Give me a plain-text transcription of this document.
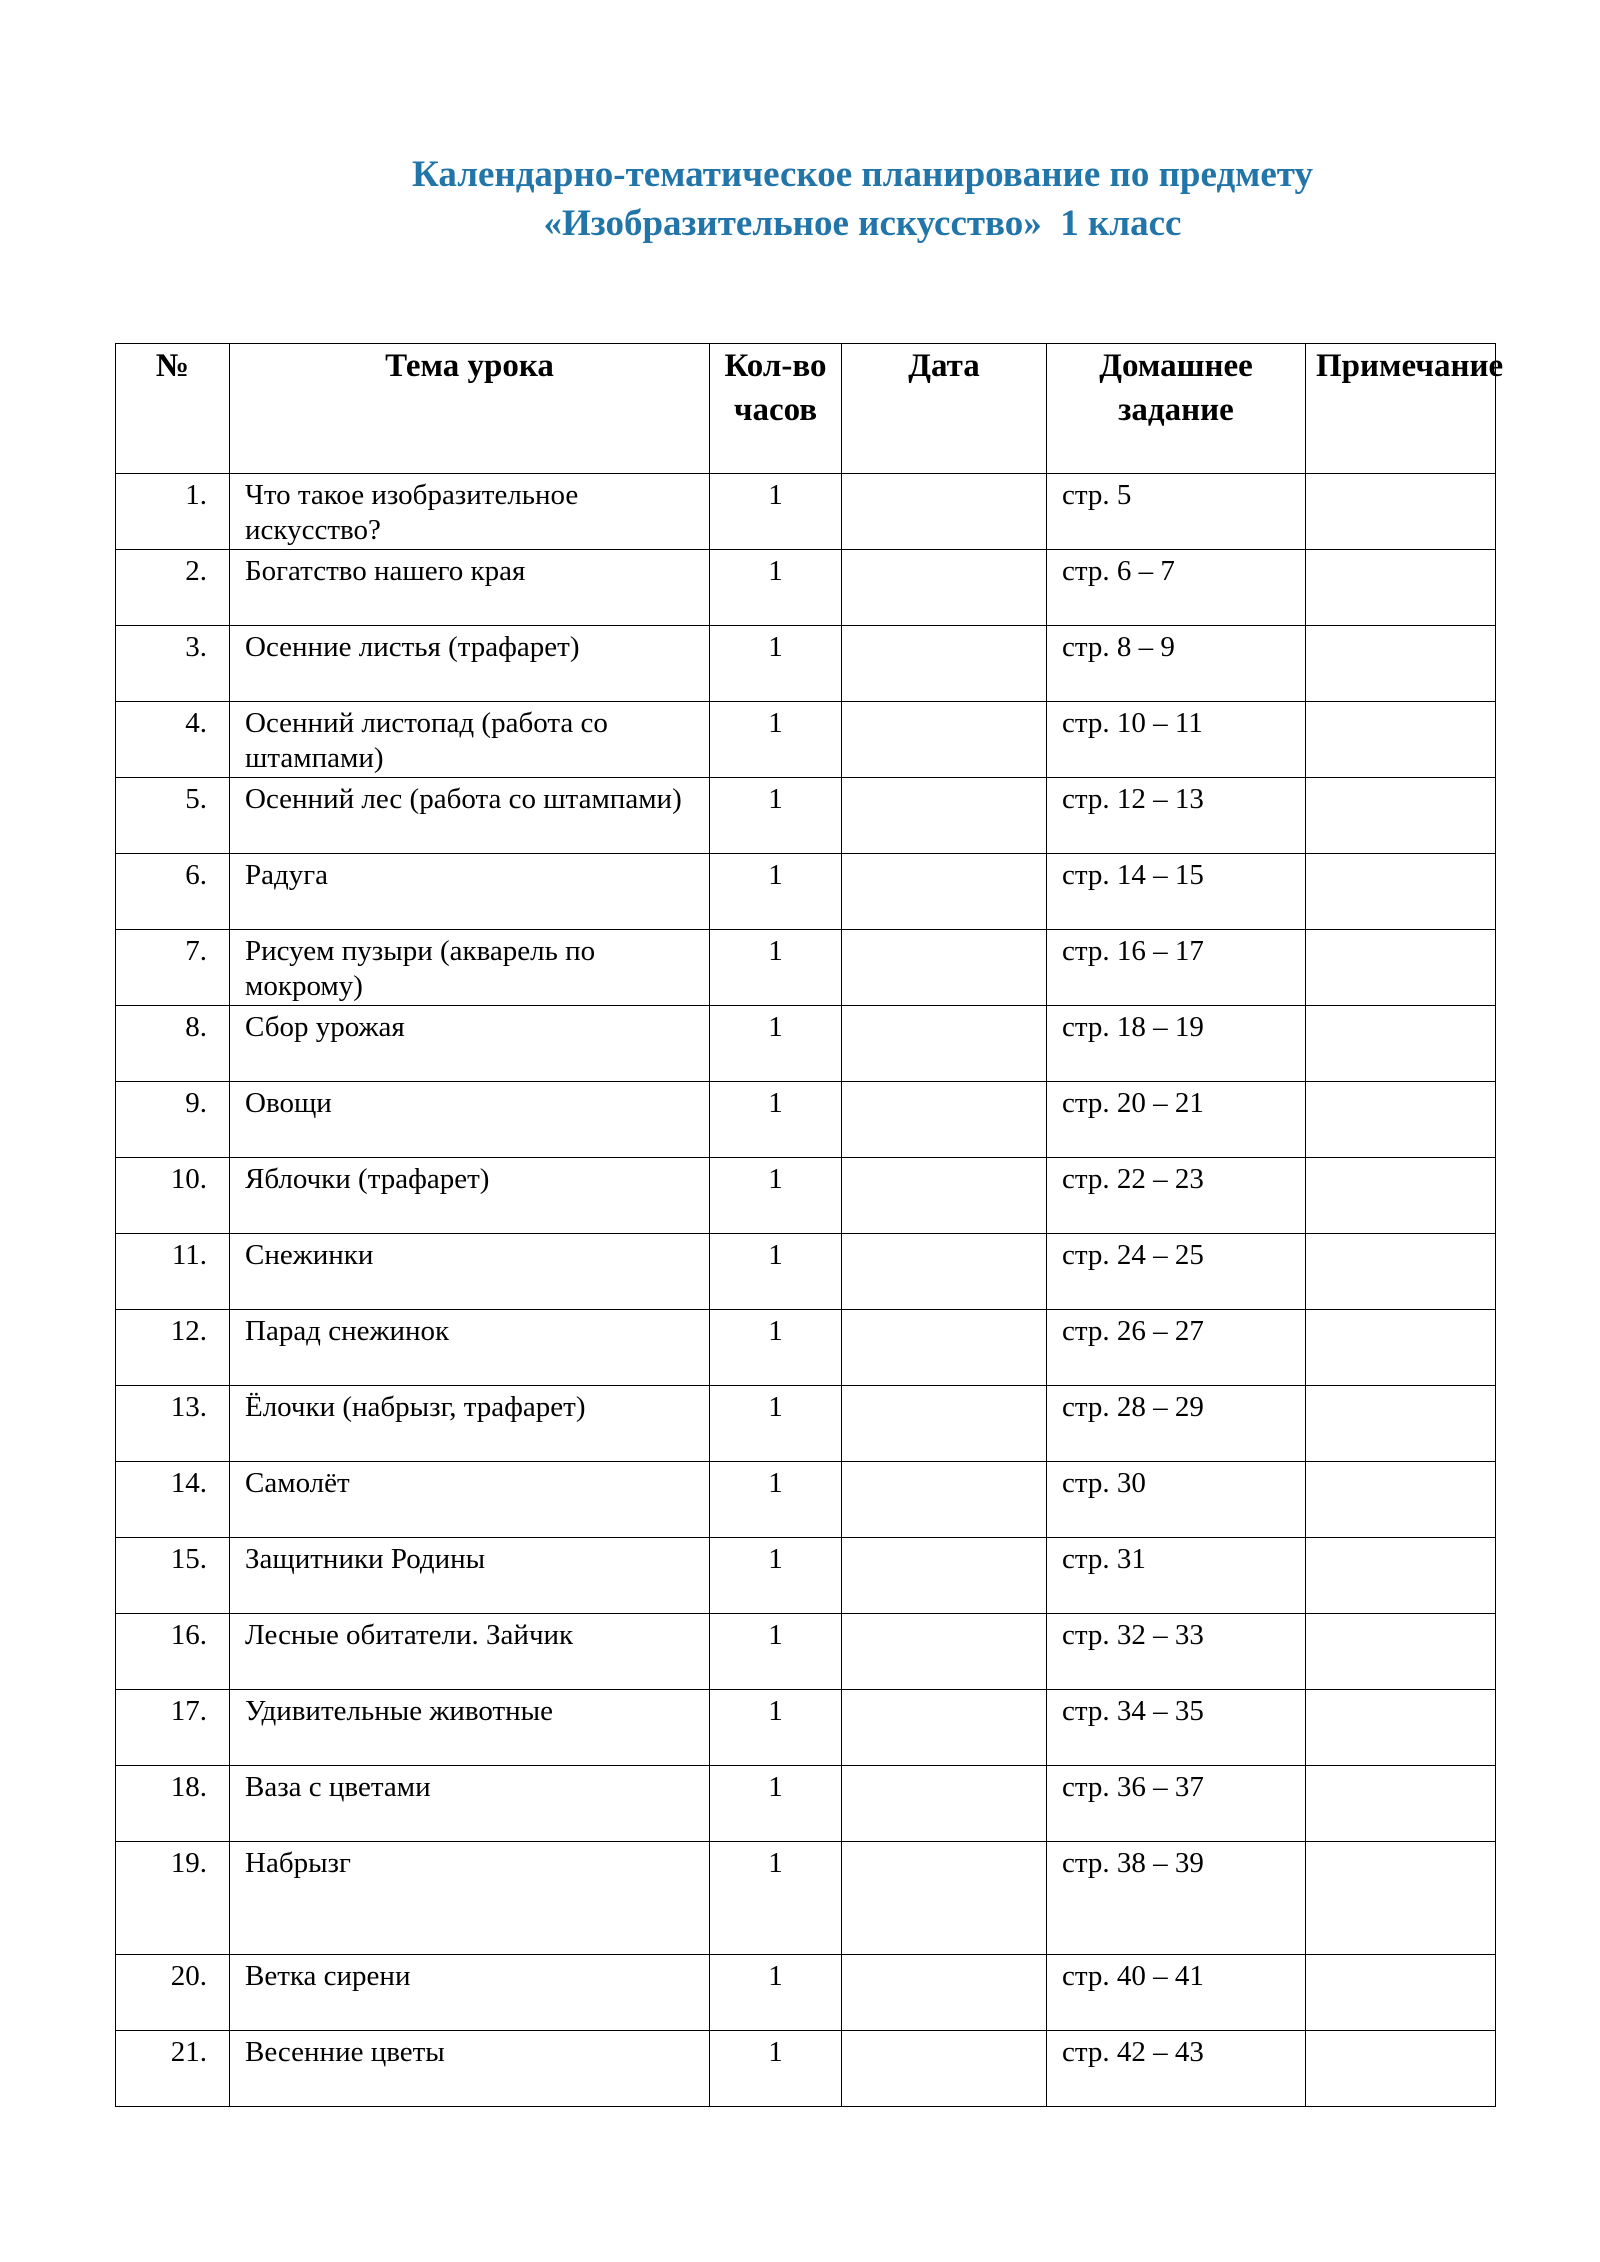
Календарно-тематическое планирование по предмету
«Изобразительное искусство»  1 класс
№	Тема урока	Кол-во часов	Дата	Домашнее задание	Примечание
1.	Что такое изобразительное искусство?	1		стр. 5	
2.	Богатство нашего края	1		стр. 6 – 7	
3.	Осенние листья (трафарет)	1		стр. 8 – 9	
4.	Осенний листопад (работа со штампами)	1		стр. 10 – 11	
5.	Осенний лес (работа со штампами)	1		стр. 12 – 13	
6.	Радуга	1		стр. 14 – 15	
7.	Рисуем пузыри (акварель по мокрому)	1		стр. 16 – 17	
8.	Сбор урожая	1		стр. 18 – 19	
9.	Овощи	1		стр. 20 – 21	
10.	Яблочки (трафарет)	1		стр. 22 – 23	
11.	Снежинки	1		стр. 24 – 25	
12.	Парад снежинок	1		стр. 26 – 27	
13.	Ёлочки (набрызг, трафарет)	1		стр. 28 – 29	
14.	Самолёт	1		стр. 30	
15.	Защитники Родины	1		стр. 31	
16.	Лесные обитатели. Зайчик	1		стр. 32 – 33	
17.	Удивительные животные	1		стр. 34 – 35	
18.	Ваза с цветами	1		стр. 36 – 37	
19.	Набрызг	1		стр. 38 – 39	
20.	Ветка сирени	1		стр. 40 – 41	
21.	Весенние цветы	1		стр. 42 – 43	
